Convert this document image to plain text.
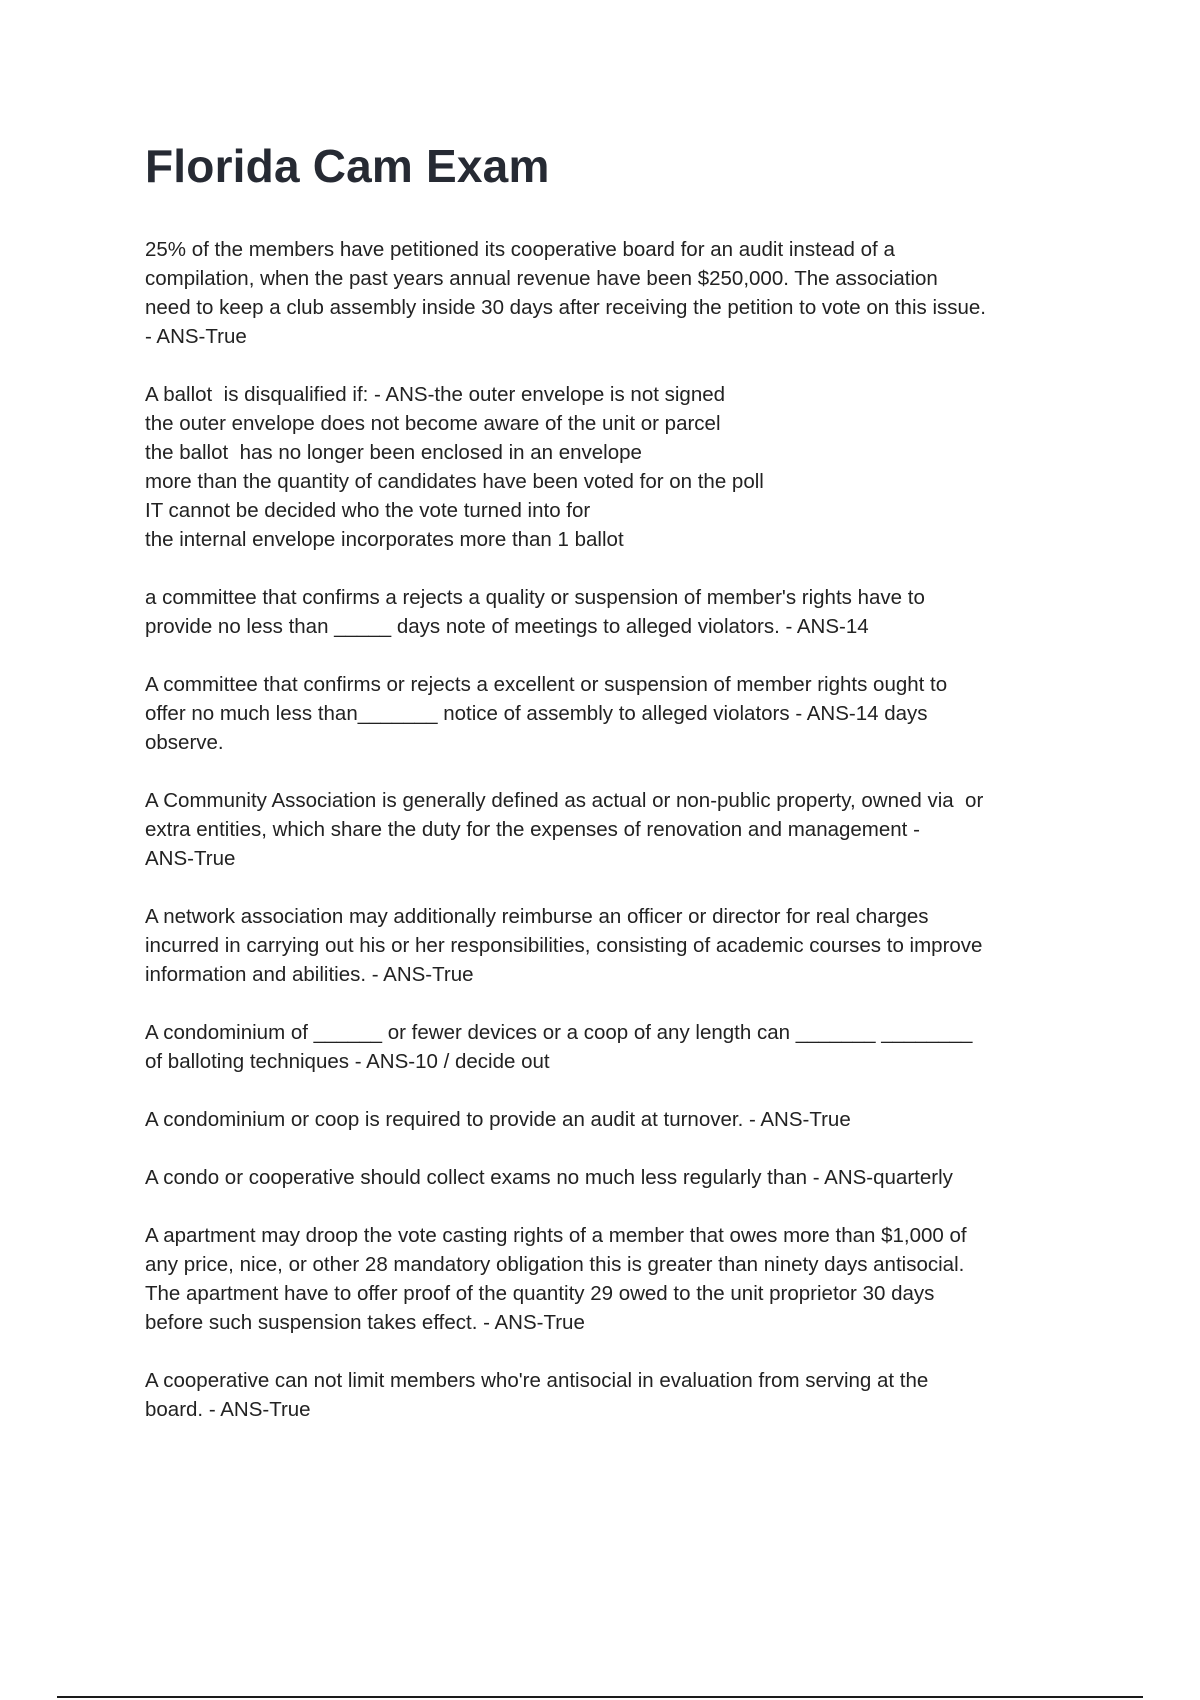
Florida Cam Exam
25% of the members have petitioned its cooperative board for an audit instead of a
compilation, when the past years annual revenue have been $250,000. The association
need to keep a club assembly inside 30 days after receiving the petition to vote on this issue.
- ANS-True
A ballot  is disqualified if: - ANS-the outer envelope is not signed
the outer envelope does not become aware of the unit or parcel
the ballot  has no longer been enclosed in an envelope
more than the quantity of candidates have been voted for on the poll
IT cannot be decided who the vote turned into for
the internal envelope incorporates more than 1 ballot
a committee that confirms a rejects a quality or suspension of member's rights have to
provide no less than _____ days note of meetings to alleged violators. - ANS-14
A committee that confirms or rejects a excellent or suspension of member rights ought to
offer no much less than_______ notice of assembly to alleged violators - ANS-14 days
observe.
A Community Association is generally defined as actual or non-public property, owned via  or
extra entities, which share the duty for the expenses of renovation and management -
ANS-True
A network association may additionally reimburse an officer or director for real charges
incurred in carrying out his or her responsibilities, consisting of academic courses to improve
information and abilities. - ANS-True
A condominium of ______ or fewer devices or a coop of any length can _______ ________
of balloting techniques - ANS-10 / decide out
A condominium or coop is required to provide an audit at turnover. - ANS-True
A condo or cooperative should collect exams no much less regularly than - ANS-quarterly
A apartment may droop the vote casting rights of a member that owes more than $1,000 of
any price, nice, or other 28 mandatory obligation this is greater than ninety days antisocial.
The apartment have to offer proof of the quantity 29 owed to the unit proprietor 30 days
before such suspension takes effect. - ANS-True
A cooperative can not limit members who're antisocial in evaluation from serving at the
board. - ANS-True
